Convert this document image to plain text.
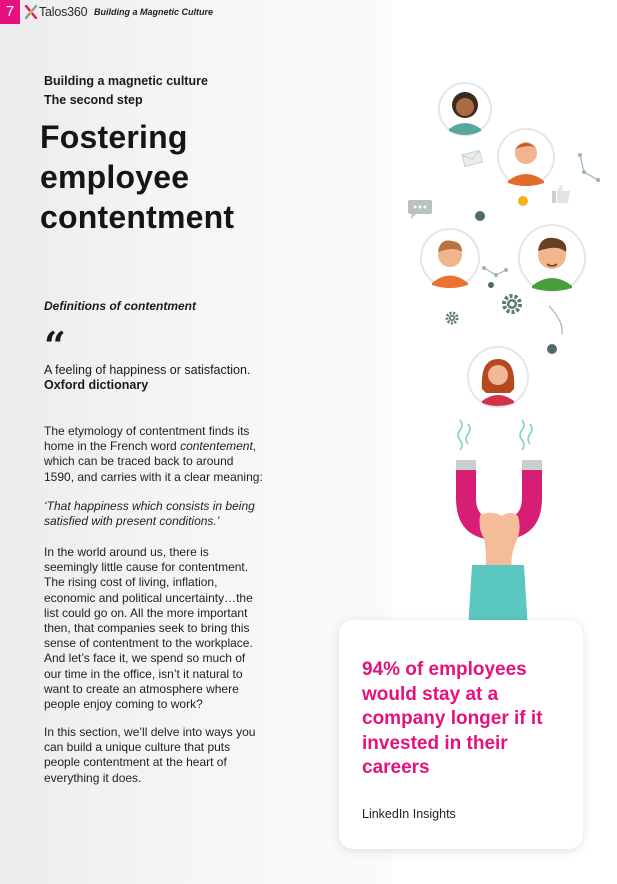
7	Talos360 Building a Magnetic Culture
Building a magnetic culture
The second step
Fostering
employee
contentment
Definitions of contentment
“
A feeling of happiness or satisfaction.
Oxford dictionary
The etymology of contentment finds its
home in the French word contentement,
which can be traced back to around
1590, and carries with it a clear meaning:
‘That happiness which consists in being
satisfied with present conditions.’
In the world around us, there is
seemingly little cause for contentment.
The rising cost of living, inflation,
economic and political uncertainty…the
list could go on. All the more important
then, that companies seek to bring this
sense of contentment to the workplace.
And let’s face it, we spend so much of
our time in the office, isn’t it natural to
want to create an atmosphere where
people enjoy coming to work?
In this section, we’ll delve into ways you
can build a unique culture that puts
people contentment at the heart of
everything it does.
94% of employees
would stay at a
company longer if it
invested in their
careers
LinkedIn Insights
